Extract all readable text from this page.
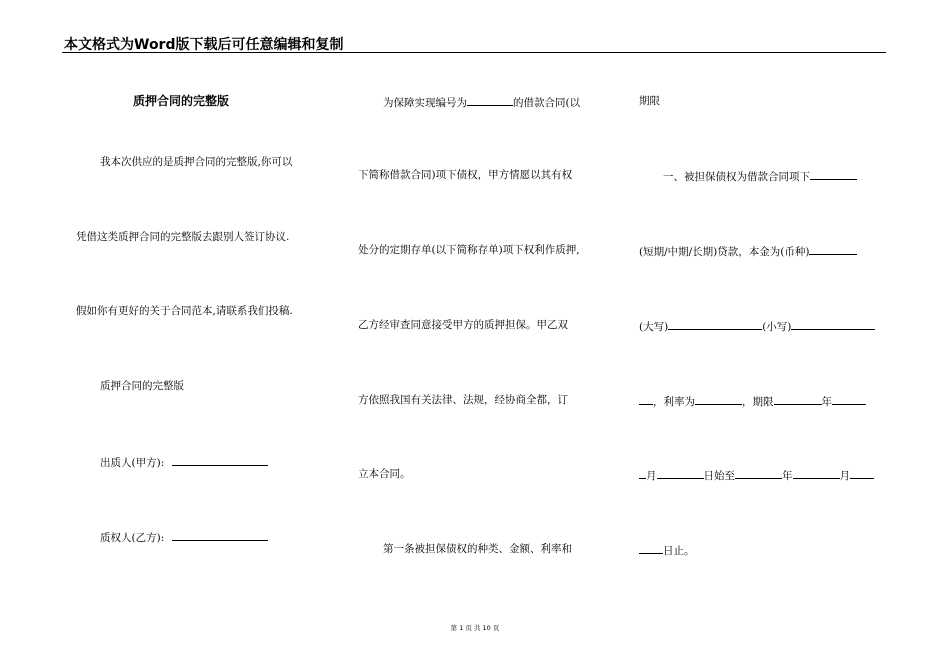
本文格式为Word版下载后可任意编辑和复制
质押合同的完整版
我本次供应的是质押合同的完整版,你可以
凭借这类质押合同的完整版去跟别人签订协议.
假如你有更好的关于合同范本,请联系我们投稿.
质押合同的完整版
出质人(甲方):
质权人(乙方):
为保障实现编号为	的借款合同(以
下简称借款合同)项下债权，甲方情愿以其有权
处分的定期存单(以下简称存单)项下权利作质押,
乙方经审查同意接受甲方的质押担保。甲乙双
方依照我国有关法律、法规，经协商全都，订
立本合同。
第一条被担保债权的种类、金额、利率和
期限
一、被担保债权为借款合同项下
(短期/中期/长期)贷款，本金为(币种)
(大写)	(小写)
，利率为	，期限	年
月	日始至	年	月
日止。
第 1 页 共 10 页
